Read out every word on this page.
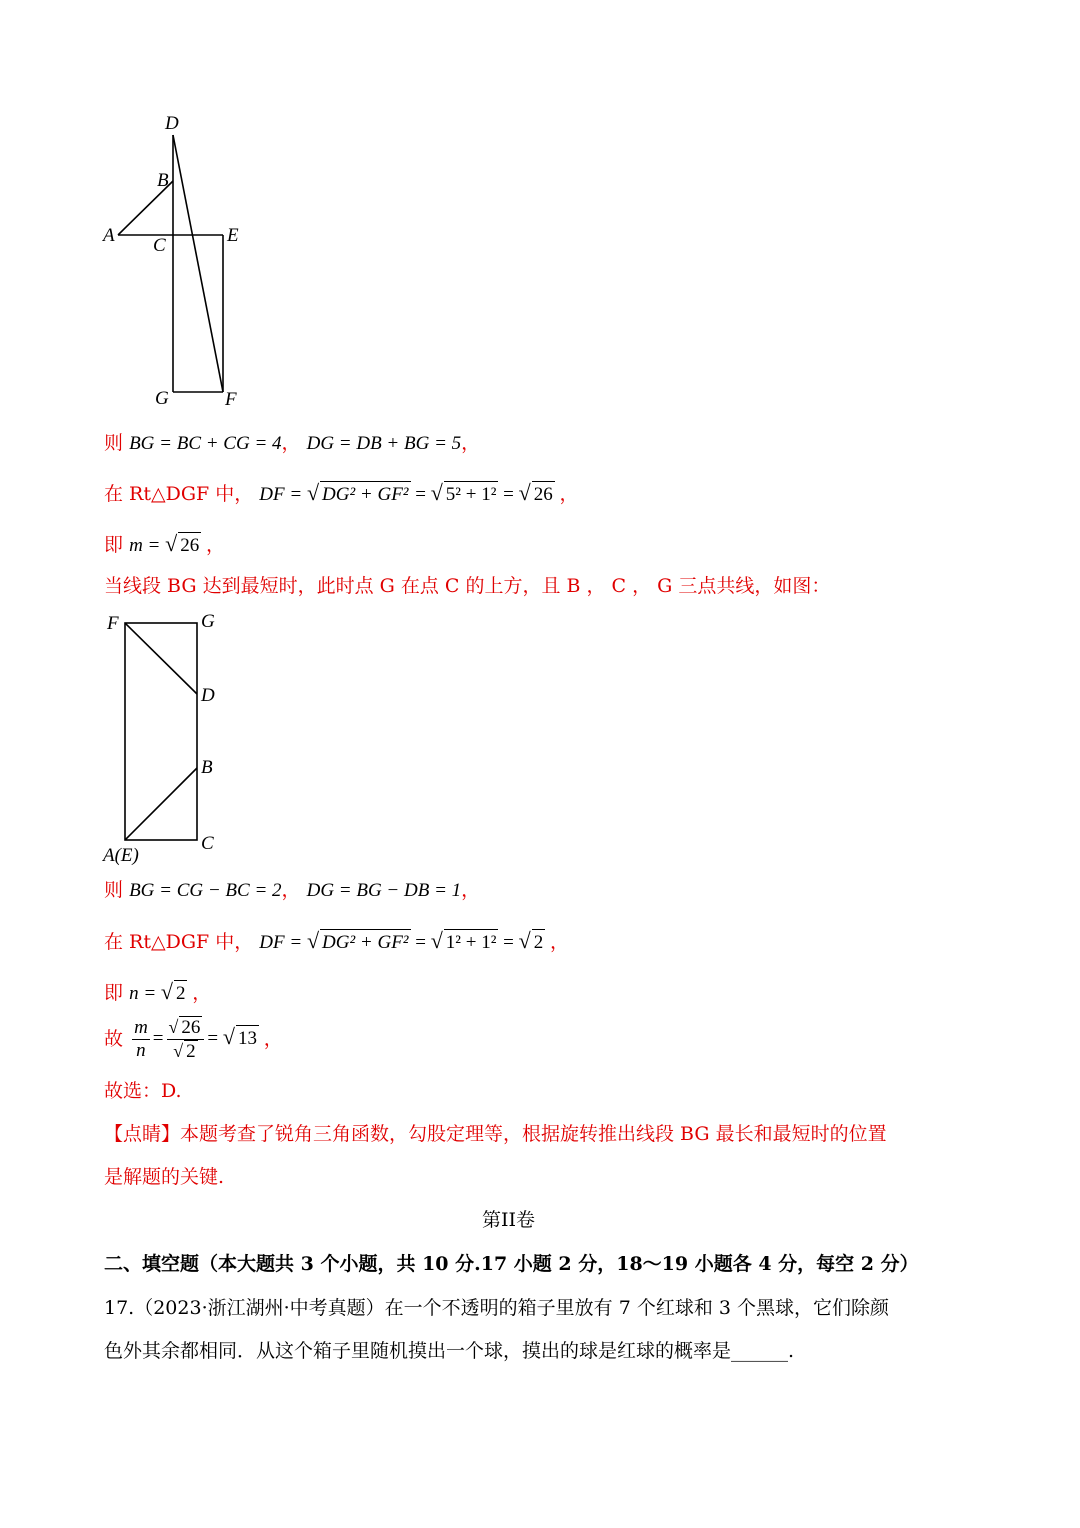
D
B
A C	E
G	F
则 BG = BC + CG = 4， DG = DB + BG = 5，
在 Rt△DGF 中， DF = √ DG² + GF² = √ 5² + 1² = √ 26 ，
即 m = √ 26 ，
当线段 BG 达到最短时，此时点 G 在点 C 的上方，且 B ， C ， G 三点共线，如图：
F	G
D
B
C
A(E)
则 BG = CG − BC = 2， DG = BG − DB = 1，
在 Rt△DGF 中， DF = √ DG² + GF² = √ 1² + 1² = √ 2 ，
即 n = √ 2 ，
故 $\frac{m}{n} = \frac{√ 26}{√ 2}$ = √ 13 ，
故选：D.
【点睛】本题考查了锐角三角函数，勾股定理等，根据旋转推出线段 BG 最长和最短时的位置
是解题的关键.
第II卷
二、填空题（本大题共 3 个小题，共 10 分.17 小题 2 分，18～19 小题各 4 分，每空 2 分）
17.（2023·浙江湖州·中考真题）在一个不透明的箱子里放有 7 个红球和 3 个黑球，它们除颜
色外其余都相同．从这个箱子里随机摸出一个球，摸出的球是红球的概率是______.
